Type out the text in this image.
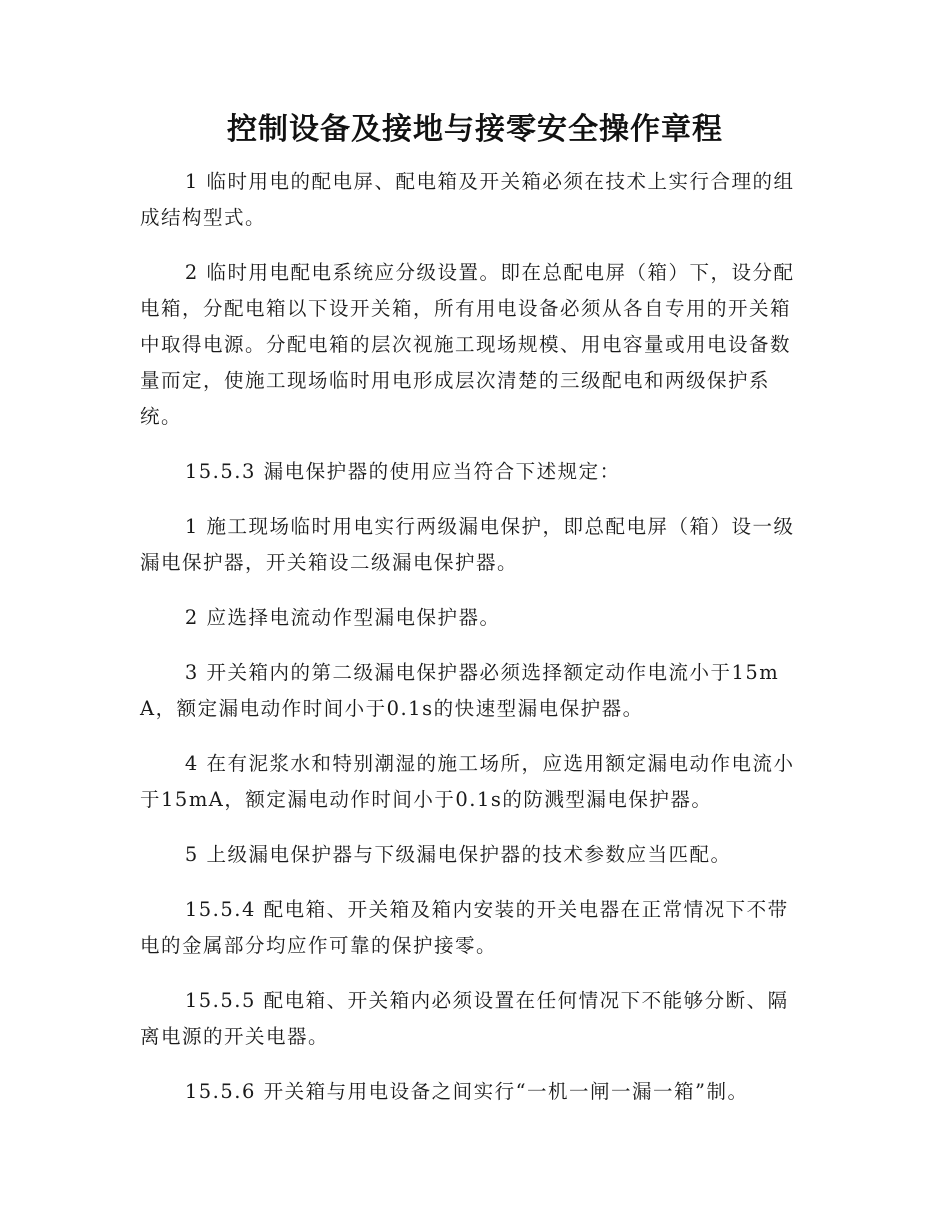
控制设备及接地与接零安全操作章程

1 临时用电的配电屏、配电箱及开关箱必须在技术上实行合理的组成结构型式。

2 临时用电配电系统应分级设置。即在总配电屏（箱）下，设分配电箱，分配电箱以下设开关箱，所有用电设备必须从各自专用的开关箱中取得电源。分配电箱的层次视施工现场规模、用电容量或用电设备数量而定，使施工现场临时用电形成层次清楚的三级配电和两级保护系统。

15.5.3 漏电保护器的使用应当符合下述规定：

1 施工现场临时用电实行两级漏电保护，即总配电屏（箱）设一级漏电保护器，开关箱设二级漏电保护器。

2 应选择电流动作型漏电保护器。

3 开关箱内的第二级漏电保护器必须选择额定动作电流小于15mA，额定漏电动作时间小于0.1s的快速型漏电保护器。

4 在有泥浆水和特别潮湿的施工场所，应选用额定漏电动作电流小于15mA，额定漏电动作时间小于0.1s的防溅型漏电保护器。

5 上级漏电保护器与下级漏电保护器的技术参数应当匹配。

15.5.4 配电箱、开关箱及箱内安装的开关电器在正常情况下不带电的金属部分均应作可靠的保护接零。

15.5.5 配电箱、开关箱内必须设置在任何情况下不能够分断、隔离电源的开关电器。

15.5.6 开关箱与用电设备之间实行“一机一闸一漏一箱”制。
